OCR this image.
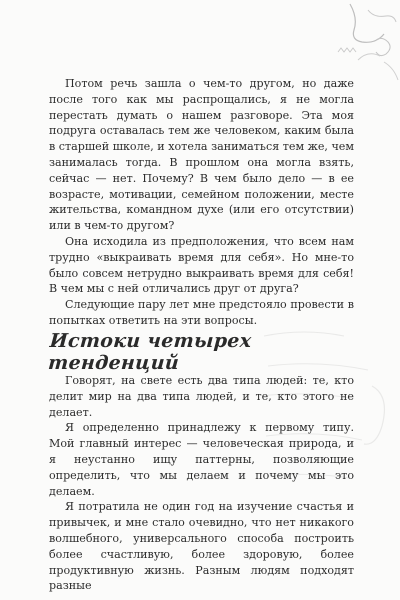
Потом речь зашла о чем-то другом, но даже после того как мы распрощались, я не могла перестать думать о нашем разговоре. Эта моя подруга оставалась тем же человеком, каким была в старшей школе, и хотела заниматься тем же, чем занималась тогда. В прошлом она могла взять, сейчас — нет. Почему? В чем было дело — в ее возрасте, мотивации, семейном положении, месте жительства, командном духе (или его отсутствии) или в чем-то другом?

Она исходила из предположения, что всем нам трудно «выкраивать время для себя». Но мне-то было совсем нетрудно выкраивать время для себя! В чем мы с ней отличались друг от друга?

Следующие пару лет мне предстояло провести в попытках ответить на эти вопросы.

Истоки четырех тенденций

Говорят, на свете есть два типа людей: те, кто делит мир на два типа людей, и те, кто этого не делает.

Я определенно принадлежу к первому типу. Мой главный интерес — человеческая природа, и я неустанно ищу паттерны, позволяющие определить, что мы делаем и почему мы это делаем.

Я потратила не один год на изучение счастья и привычек, и мне стало очевидно, что нет никакого волшебного, универсального способа построить более счастливую, более здоровую, более продуктивную жизнь. Разным людям подходят разные
